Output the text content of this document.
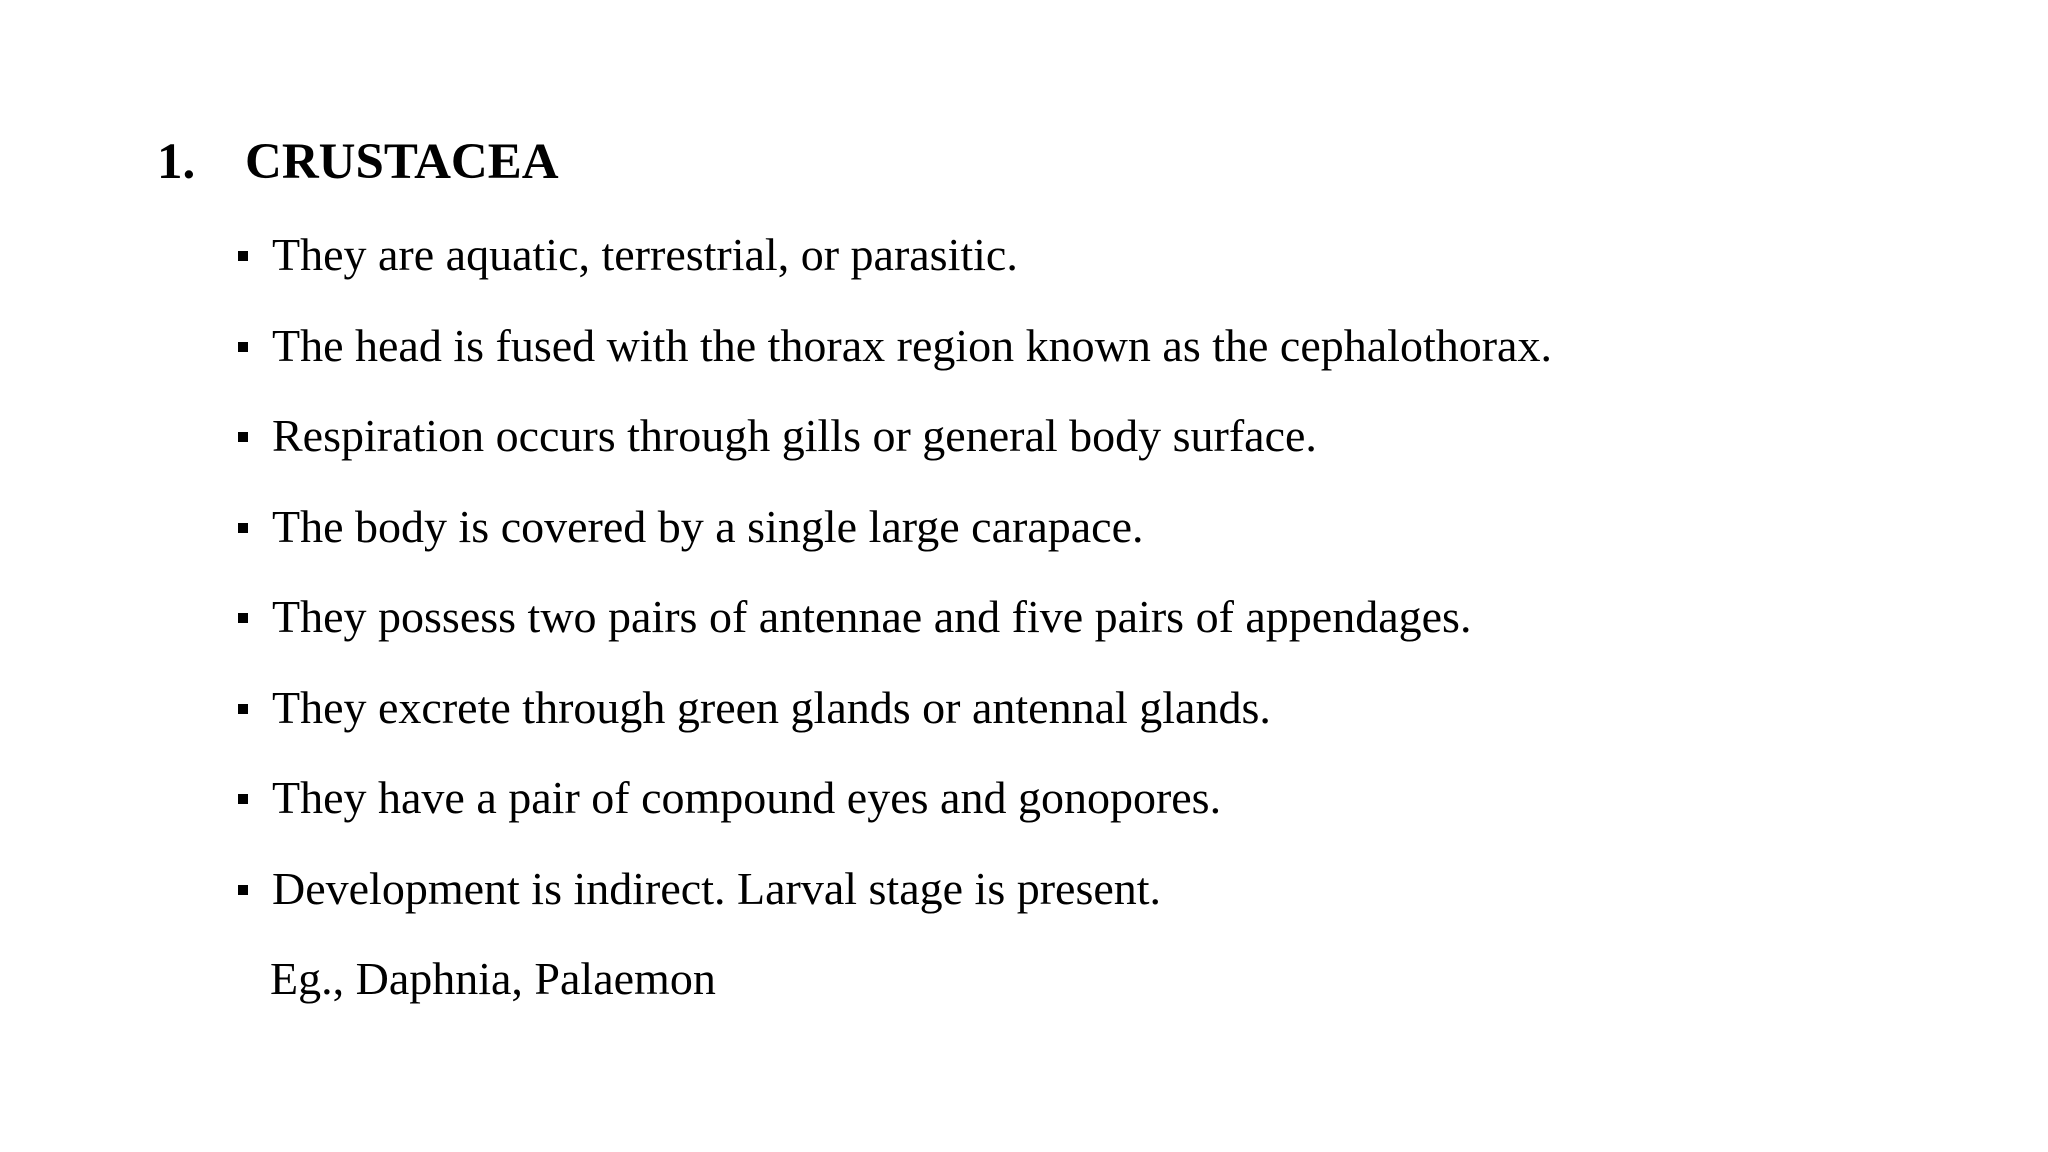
1. CRUSTACEA
They are aquatic, terrestrial, or parasitic.
The head is fused with the thorax region known as the cephalothorax.
Respiration occurs through gills or general body surface.
The body is covered by a single large carapace.
They possess two pairs of antennae and five pairs of appendages.
They excrete through green glands or antennal glands.
They have a pair of compound eyes and gonopores.
Development is indirect. Larval stage is present.
Eg., Daphnia, Palaemon
